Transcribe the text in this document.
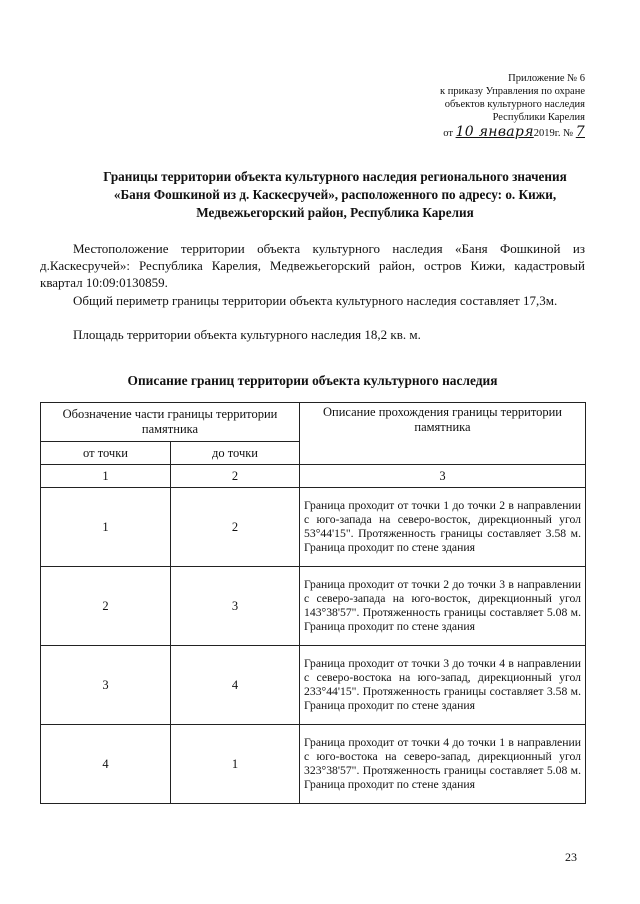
Приложение № 6
к приказу Управления по охране
объектов культурного наследия
Республики Карелия
от 10 января2019г. № 7
Границы территории объекта культурного наследия регионального значения
«Баня Фошкиной из д. Каскесручей», расположенного по адресу: о. Кижи,
Медвежьегорский район, Республика Карелия
Местоположение территории объекта культурного наследия «Баня Фошкиной из д.Каскесручей»: Республика Карелия, Медвежьегорский район, остров Кижи, кадастровый квартал 10:09:0130859.
Общий периметр границы территории объекта культурного наследия составляет 17,3м.
Площадь территории объекта культурного наследия 18,2 кв. м.
Описание границ территории объекта культурного наследия
Обозначение части границы территории памятника		Описание прохождения границы территории памятника
от точки	до точки	
1	2	3
1	2	Граница проходит от точки 1 до точки 2 в направлении с юго-запада на северо-восток, дирекционный угол 53°44'15". Протяженность границы составляет 3.58 м. Граница проходит по стене здания
2	3	Граница проходит от точки 2 до точки 3 в направлении с северо-запада на юго-восток, дирекционный угол 143°38'57". Протяженность границы составляет 5.08 м. Граница проходит по стене здания
3	4	Граница проходит от точки 3 до точки 4 в направлении с северо-востока на юго-запад, дирекционный угол 233°44'15". Протяженность границы составляет 3.58 м. Граница проходит по стене здания
4	1	Граница проходит от точки 4 до точки 1 в направлении с юго-востока на северо-запад, дирекционный угол 323°38'57". Протяженность границы составляет 5.08 м. Граница проходит по стене здания
23
